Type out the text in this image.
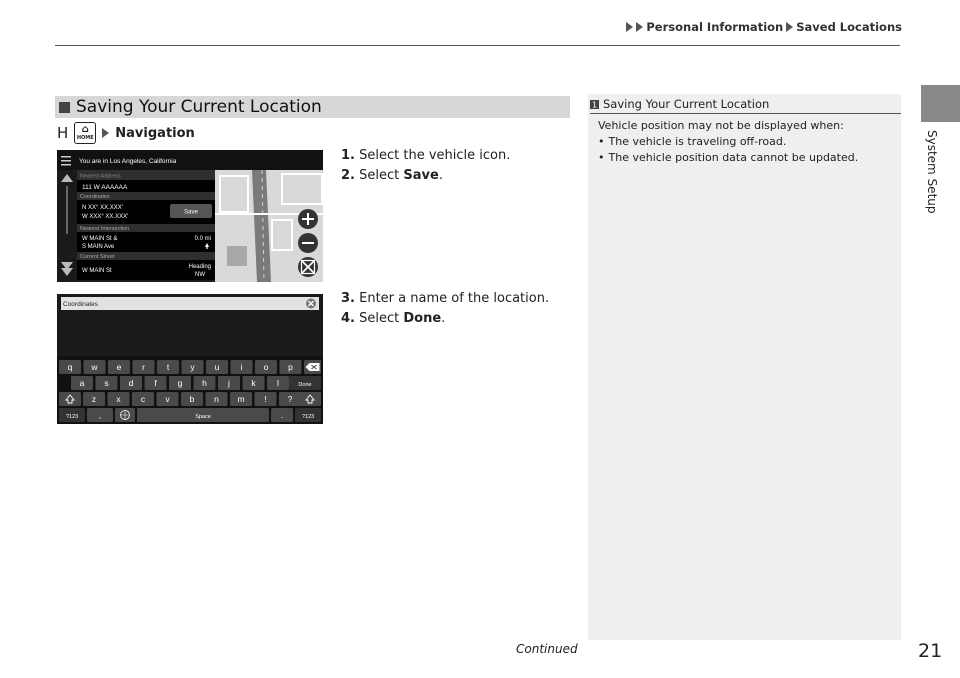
Personal Information Saved Locations
System Setup
Saving Your Current Location
H ⌂
HOME Navigation
You are in Los Angeles, California
Nearest Address
111 W AAAAAA
Coordinates
N XX° XX.XXX'
W XXX° XX.XXX'
Save
Nearest Intersection
W MAIN St &
S MAIN Ave
0.0 mi
Current Street
W MAIN St
Heading
NW
1. Select the vehicle icon.
2. Select Save.
Coordinates
q w e r	t y u i o p
a s d f g h j	k	l	Done
z x c v b n m ! ?
?123 ,	Space	.	?123
3. Enter a name of the location.
4. Select Done.
1 Saving Your Current Location
Vehicle position may not be displayed when:
• The vehicle is traveling off-road.
• The vehicle position data cannot be updated.
Continued	21
